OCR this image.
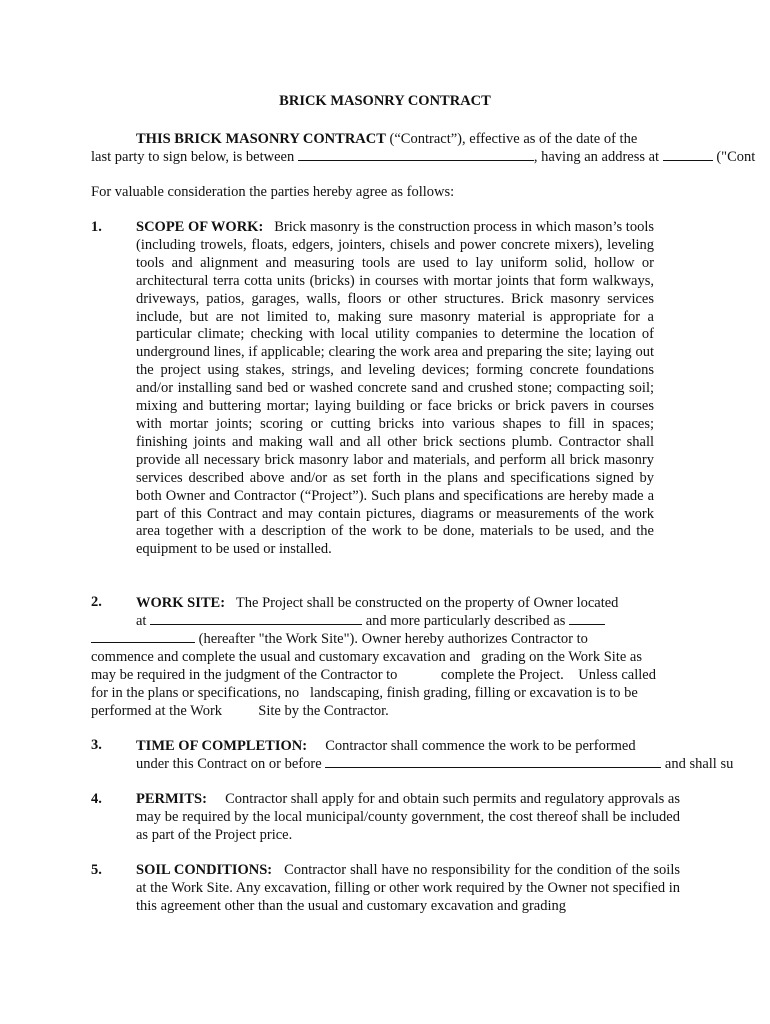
BRICK MASONRY CONTRACT
THIS BRICK MASONRY CONTRACT (“Contract”), effective as of the date of the
last party to sign below, is between	, having an address at	("Cont
For valuable consideration the parties hereby agree as follows:
1. SCOPE OF WORK: Brick masonry is the construction process in which mason’s tools (including trowels, floats, edgers, jointers, chisels and power concrete mixers), leveling tools and alignment and measuring tools are used to lay uniform solid, hollow or architectural terra cotta units (bricks) in courses with mortar joints that form walkways, driveways, patios, garages, walls, floors or other structures. Brick masonry services include, but are not limited to, making sure masonry material is appropriate for a particular climate; checking with local utility companies to determine the location of underground lines, if applicable; clearing the work area and preparing the site; laying out the project using stakes, strings, and leveling devices; forming concrete foundations and/or installing sand bed or washed concrete sand and crushed stone; compacting soil; mixing and buttering mortar; laying building or face bricks or brick pavers in courses with mortar joints; scoring or cutting bricks into various shapes to fill in spaces; finishing joints and making wall and all other brick sections plumb. Contractor shall provide all necessary brick masonry labor and materials, and perform all brick masonry services described above and/or as set forth in the plans and specifications signed by both Owner and Contractor (“Project”). Such plans and specifications are hereby made a part of this Contract and may contain pictures, diagrams or measurements of the work area together with a description of the work to be done, materials to be used, and the equipment to be used or installed.
2. WORK SITE: The Project shall be constructed on the property of Owner located
at	and more particularly described as
(hereafter "the Work Site"). Owner hereby authorizes Contractor to
commence and complete the usual and customary excavation and   grading on the Work Site as
may be required in the judgment of the Contractor to            complete the Project.    Unless called
for in the plans or specifications, no   landscaping, finish grading, filling or excavation is to be
performed at the Work          Site by the Contractor.
3. TIME OF COMPLETION: Contractor shall commence the work to be performed
under this Contract on or before	and shall su
4. PERMITS: Contractor shall apply for and obtain such permits and regulatory approvals as may be required by the local municipal/county government, the cost thereof shall be included as part of the Project price.
5. SOIL CONDITIONS: Contractor shall have no responsibility for the condition of the soils at the Work Site. Any excavation, filling or other work required by the Owner not specified in this agreement other than the usual and customary excavation and grading
